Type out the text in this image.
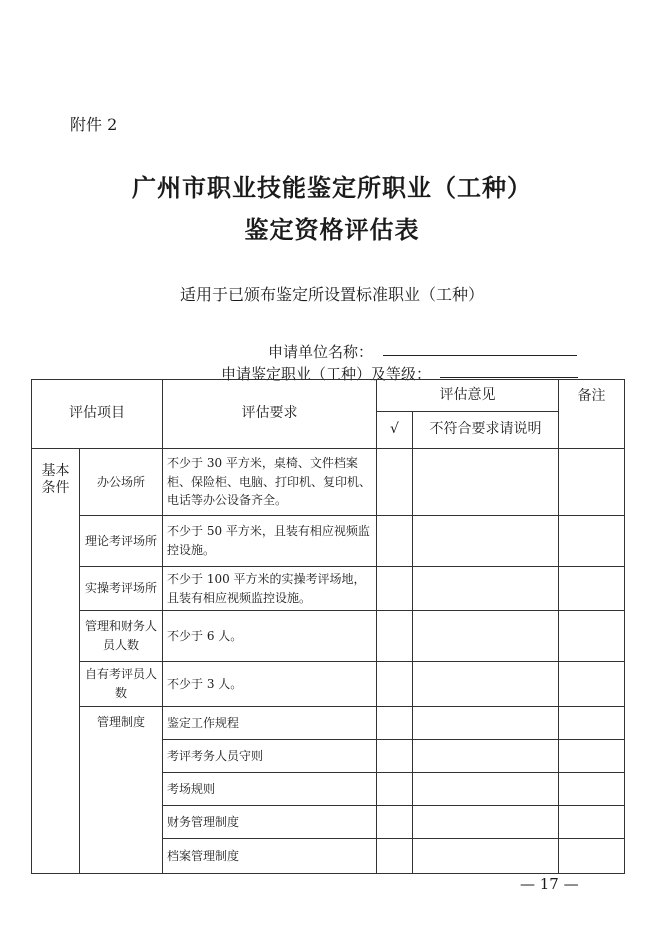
附件 2
广州市职业技能鉴定所职业（工种）
鉴定资格评估表
适用于已颁布鉴定所设置标准职业（工种）
申请单位名称：
申请鉴定职业（工种）及等级：
评估项目		评估要求	评估意见		备注
			√	不符合要求请说明	
基本条件	办公场所	不少于 30 平方米，桌椅、文件档案柜、保险柜、电脑、打印机、复印机、电话等办公设备齐全。			
	理论考评场所	不少于 50 平方米，且装有相应视频监控设施。			
	实操考评场所	不少于 100 平方米的实操考评场地，且装有相应视频监控设施。			
	管理和财务人员人数	不少于 6 人。			
	自有考评员人数	不少于 3 人。			
	管理制度	鉴定工作规程			
		考评考务人员守则			
		考场规则			
		财务管理制度			
		档案管理制度			
— 17 —
